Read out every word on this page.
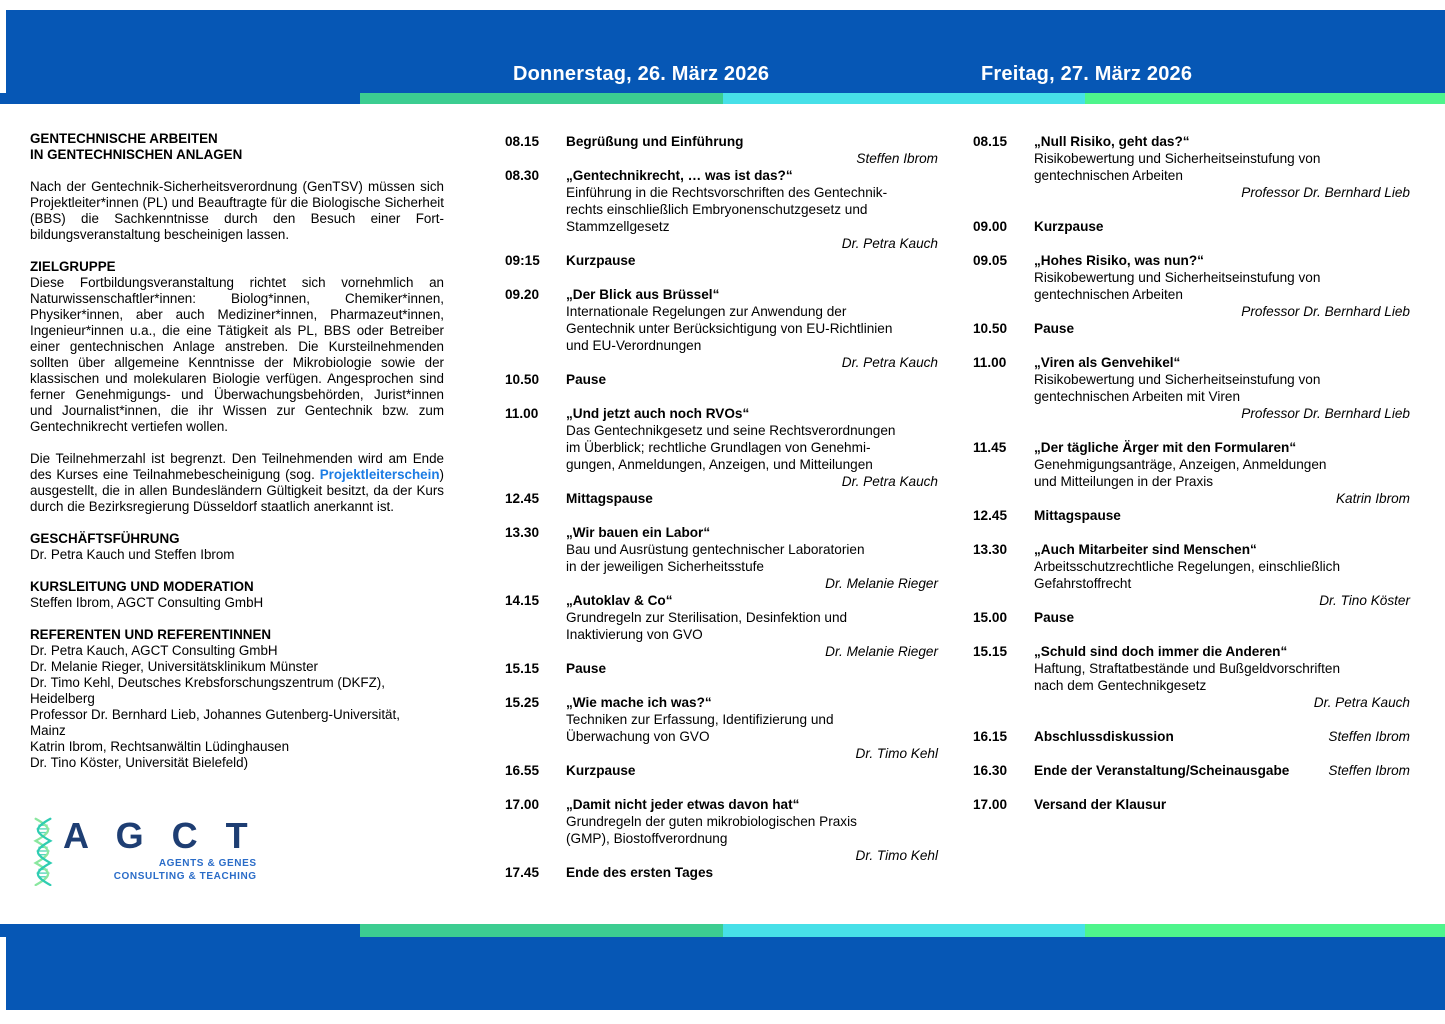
Donnerstag, 26. März 2026	Freitag, 27. März 2026
GENTECHNISCHE ARBEITEN
IN GENTECHNISCHEN ANLAGEN
Nach der Gentechnik-Sicherheitsverordnung (GenTSV) müssen sich
Projektleiter*innen (PL) und Beauftragte für die Biologische Sicherheit
(BBS) die Sachkenntnisse durch den Besuch einer Fort-
bildungsveranstaltung bescheinigen lassen.
ZIELGRUPPE
Diese Fortbildungsveranstaltung richtet sich vornehmlich an
Naturwissenschaftler*innen: Biolog*innen, Chemiker*innen,
Physiker*innen, aber auch Mediziner*innen, Pharmazeut*innen,
Ingenieur*innen u.a., die eine Tätigkeit als PL, BBS oder Betreiber
einer gentechnischen Anlage anstreben. Die Kursteilnehmenden
sollten über allgemeine Kenntnisse der Mikrobiologie sowie der
klassischen und molekularen Biologie verfügen. Angesprochen sind
ferner Genehmigungs- und Überwachungsbehörden, Jurist*innen
und Journalist*innen, die ihr Wissen zur Gentechnik bzw. zum
Gentechnikrecht vertiefen wollen.
Die Teilnehmerzahl ist begrenzt. Den Teilnehmenden wird am Ende
des Kurses eine Teilnahmebescheinigung (sog. Projektleiterschein)
ausgestellt, die in allen Bundesländern Gültigkeit besitzt, da der Kurs
durch die Bezirksregierung Düsseldorf staatlich anerkannt ist.
GESCHÄFTSFÜHRUNG
Dr. Petra Kauch und Steffen Ibrom
KURSLEITUNG UND MODERATION
Steffen Ibrom, AGCT Consulting GmbH
REFERENTEN UND REFERENTINNEN
Dr. Petra Kauch, AGCT Consulting GmbH
Dr. Melanie Rieger, Universitätsklinikum Münster
Dr. Timo Kehl, Deutsches Krebsforschungszentrum (DKFZ),
Heidelberg
Professor Dr. Bernhard Lieb, Johannes Gutenberg-Universität,
Mainz
Katrin Ibrom, Rechtsanwältin Lüdinghausen
Dr. Tino Köster, Universität Bielefeld)
08.15	Begrüßung und Einführung
Steffen Ibrom
08.30	„Gentechnikrecht, … was ist das?“
Einführung in die Rechtsvorschriften des Gentechnik-
rechts einschließlich Embryonenschutzgesetz und
Stammzellgesetz
Dr. Petra Kauch
09:15	Kurzpause
09.20	„Der Blick aus Brüssel“
Internationale Regelungen zur Anwendung der
Gentechnik unter Berücksichtigung von EU-Richtlinien
und EU-Verordnungen
Dr. Petra Kauch
10.50	Pause
11.00	„Und jetzt auch noch RVOs“
Das Gentechnikgesetz und seine Rechtsverordnungen
im Überblick; rechtliche Grundlagen von Genehmi-
gungen, Anmeldungen, Anzeigen, und Mitteilungen
Dr. Petra Kauch
12.45	Mittagspause
13.30	„Wir bauen ein Labor“
Bau und Ausrüstung gentechnischer Laboratorien
in der jeweiligen Sicherheitsstufe
Dr. Melanie Rieger
14.15	„Autoklav & Co“
Grundregeln zur Sterilisation, Desinfektion und
Inaktivierung von GVO
Dr. Melanie Rieger
15.15	Pause
15.25	„Wie mache ich was?“
Techniken zur Erfassung, Identifizierung und
Überwachung von GVO
Dr. Timo Kehl
16.55	Kurzpause
17.00	„Damit nicht jeder etwas davon hat“
Grundregeln der guten mikrobiologischen Praxis
(GMP), Biostoffverordnung
Dr. Timo Kehl
17.45	Ende des ersten Tages
08.15	„Null Risiko, geht das?“
Risikobewertung und Sicherheitseinstufung von
gentechnischen Arbeiten
Professor Dr. Bernhard Lieb
09.00	Kurzpause
09.05	„Hohes Risiko, was nun?“
Risikobewertung und Sicherheitseinstufung von
gentechnischen Arbeiten
Professor Dr. Bernhard Lieb
10.50	Pause
11.00	„Viren als Genvehikel“
Risikobewertung und Sicherheitseinstufung von
gentechnischen Arbeiten mit Viren
Professor Dr. Bernhard Lieb
11.45	„Der tägliche Ärger mit den Formularen“
Genehmigungsanträge, Anzeigen, Anmeldungen
und Mitteilungen in der Praxis
Katrin Ibrom
12.45	Mittagspause
13.30	„Auch Mitarbeiter sind Menschen“
Arbeitsschutzrechtliche Regelungen, einschließlich
Gefahrstoffrecht
Dr. Tino Köster
15.00	Pause
15.15	„Schuld sind doch immer die Anderen“
Haftung, Straftatbestände und Bußgeldvorschriften
nach dem Gentechnikgesetz
Dr. Petra Kauch
16.15	Abschlussdiskussion	Steffen Ibrom
16.30	Ende der Veranstaltung/Scheinausgabe	Steffen Ibrom
17.00	Versand der Klausur
A G C T
AGENTS & GENES
CONSULTING & TEACHING
